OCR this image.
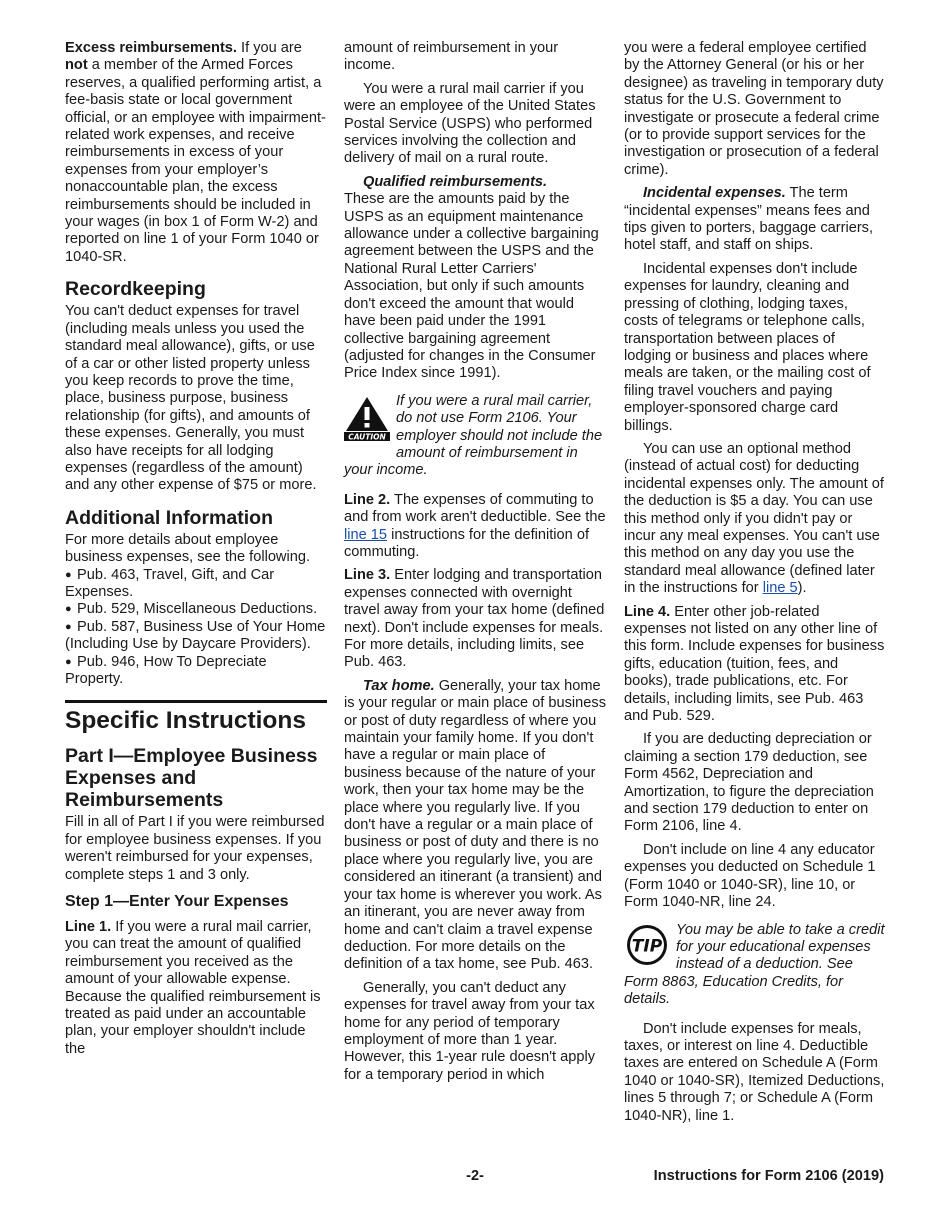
Excess reimbursements. If you are not a member of the Armed Forces reserves, a qualified performing artist, a fee-basis state or local government official, or an employee with impairment-related work expenses, and receive reimbursements in excess of your expenses from your employer’s nonaccountable plan, the excess reimbursements should be included in your wages (in box 1 of Form W-2) and reported on line 1 of your Form 1040 or 1040-SR.

Recordkeeping

You can't deduct expenses for travel (including meals unless you used the standard meal allowance), gifts, or use of a car or other listed property unless you keep records to prove the time, place, business purpose, business relationship (for gifts), and amounts of these expenses. Generally, you must also have receipts for all lodging expenses (regardless of the amount) and any other expense of $75 or more.

Additional Information

For more details about employee business expenses, see the following.

● Pub. 463, Travel, Gift, and Car Expenses.

● Pub. 529, Miscellaneous Deductions.

● Pub. 587, Business Use of Your Home (Including Use by Daycare Providers).

● Pub. 946, How To Depreciate Property.

Specific Instructions
Part I—Employee Business Expenses and Reimbursements

Fill in all of Part I if you were reimbursed for employee business expenses. If you weren't reimbursed for your expenses, complete steps 1 and 3 only.

Step 1—Enter Your Expenses

Line 1. If you were a rural mail carrier, you can treat the amount of qualified reimbursement you received as the amount of your allowable expense. Because the qualified reimbursement is treated as paid under an accountable plan, your employer shouldn't include the

amount of reimbursement in your income.

You were a rural mail carrier if you were an employee of the United States Postal Service (USPS) who performed services involving the collection and delivery of mail on a rural route.

Qualified reimbursements.

These are the amounts paid by the USPS as an equipment maintenance allowance under a collective bargaining agreement between the USPS and the National Rural Letter Carriers' Association, but only if such amounts don't exceed the amount that would have been paid under the 1991 collective bargaining agreement (adjusted for changes in the Consumer Price Index since 1991).

CAUTION
If you were a rural mail carrier, do not use Form 2106. Your employer should not include the amount of reimbursement in your income.

Line 2. The expenses of commuting to and from work aren't deductible. See the line 15 instructions for the definition of commuting.

Line 3. Enter lodging and transportation expenses connected with overnight travel away from your tax home (defined next). Don't include expenses for meals. For more details, including limits, see Pub. 463.

Tax home. Generally, your tax home is your regular or main place of business or post of duty regardless of where you maintain your family home. If you don't have a regular or main place of business because of the nature of your work, then your tax home may be the place where you regularly live. If you don't have a regular or a main place of business or post of duty and there is no place where you regularly live, you are considered an itinerant (a transient) and your tax home is wherever you work. As an itinerant, you are never away from home and can't claim a travel expense deduction. For more details on the definition of a tax home, see Pub. 463.

Generally, you can't deduct any expenses for travel away from your tax home for any period of temporary employment of more than 1 year. However, this 1-year rule doesn't apply for a temporary period in which

you were a federal employee certified by the Attorney General (or his or her designee) as traveling in temporary duty status for the U.S. Government to investigate or prosecute a federal crime (or to provide support services for the investigation or prosecution of a federal crime).

Incidental expenses. The term “incidental expenses” means fees and tips given to porters, baggage carriers, hotel staff, and staff on ships.

Incidental expenses don't include expenses for laundry, cleaning and pressing of clothing, lodging taxes, costs of telegrams or telephone calls, transportation between places of lodging or business and places where meals are taken, or the mailing cost of filing travel vouchers and paying employer-sponsored charge card billings.

You can use an optional method (instead of actual cost) for deducting incidental expenses only. The amount of the deduction is $5 a day. You can use this method only if you didn't pay or incur any meal expenses. You can't use this method on any day you use the standard meal allowance (defined later in the instructions for line 5).

Line 4. Enter other job-related expenses not listed on any other line of this form. Include expenses for business gifts, education (tuition, fees, and books), trade publications, etc. For details, including limits, see Pub. 463 and Pub. 529.

If you are deducting depreciation or claiming a section 179 deduction, see Form 4562, Depreciation and Amortization, to figure the depreciation and section 179 deduction to enter on Form 2106, line 4.

Don't include on line 4 any educator expenses you deducted on Schedule 1 (Form 1040 or 1040-SR), line 10, or Form 1040-NR, line 24.

TIP
You may be able to take a credit for your educational expenses instead of a deduction. See Form 8863, Education Credits, for details.

Don't include expenses for meals, taxes, or interest on line 4. Deductible taxes are entered on Schedule A (Form 1040 or 1040-SR), Itemized Deductions, lines 5 through 7; or Schedule A (Form 1040-NR), line 1.

-2-	Instructions for Form 2106 (2019)
